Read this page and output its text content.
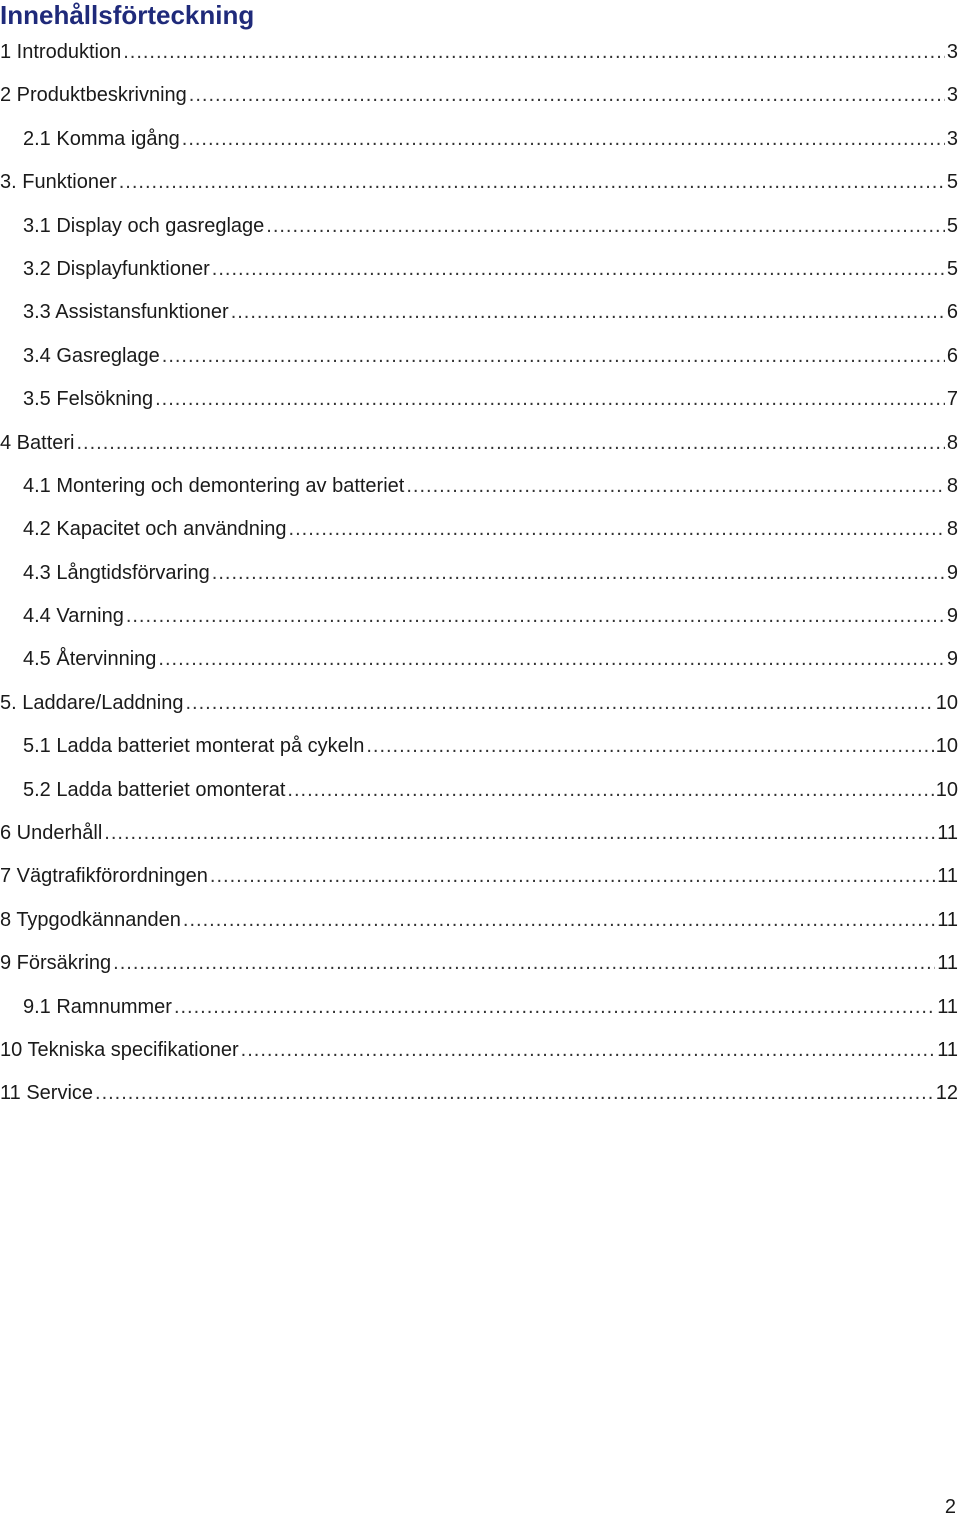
Innehållsförteckning
1 Introduktion .....	3
2 Produktbeskrivning .....	3
2.1 Komma igång .....	3
3. Funktioner .....	5
3.1 Display och gasreglage .....	5
3.2 Displayfunktioner .....	5
3.3 Assistansfunktioner .....	6
3.4 Gasreglage .....	6
3.5 Felsökning .....	7
4 Batteri .....	8
4.1 Montering och demontering av batteriet .....	8
4.2 Kapacitet och användning .....	8
4.3 Långtidsförvaring .....	9
4.4 Varning .....	9
4.5 Återvinning .....	9
5. Laddare/Laddning .....	10
5.1 Ladda batteriet monterat på cykeln .....	10
5.2 Ladda batteriet omonterat .....	10
6 Underhåll .....	11
7 Vägtrafikförordningen .....	11
8 Typgodkännanden .....	11
9 Försäkring .....	11
9.1 Ramnummer .....	11
10 Tekniska specifikationer .....	11
11 Service .....	12
2
